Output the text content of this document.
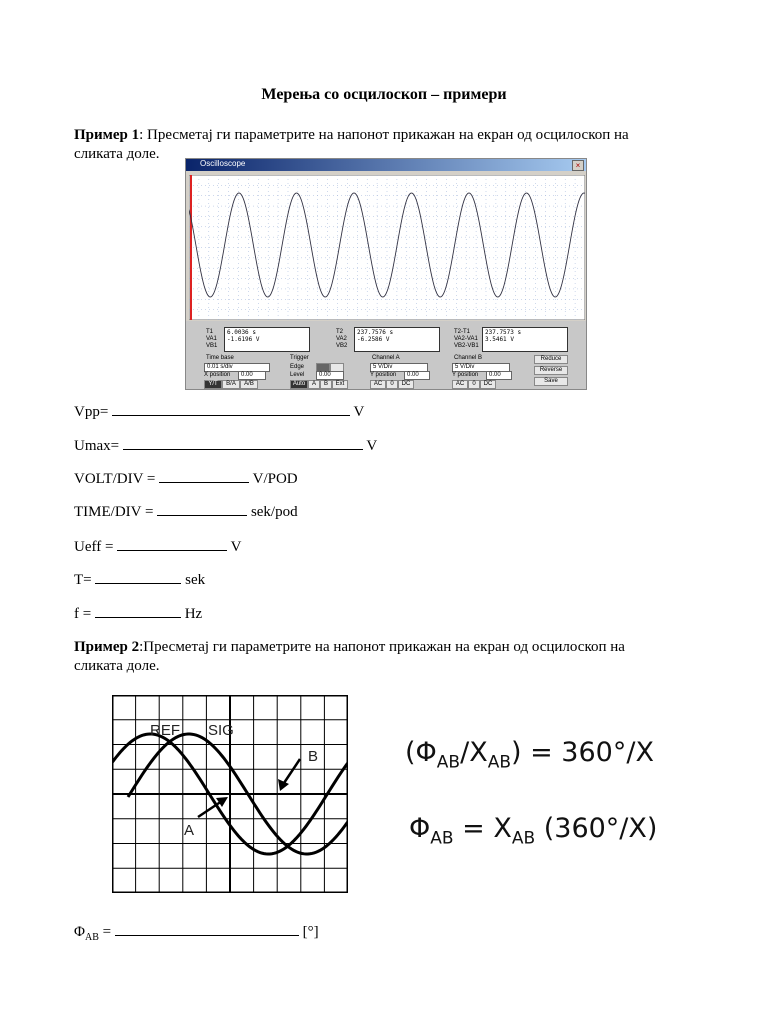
Мерења со осцилоскоп – примери
Пример 1: Пресметај ги параметрите на напонот прикажан на екран од осцилоскоп на сликата доле.
Oscilloscope	×
T1
VA1
VB1
6.0036 s
-1.6196 V
T2
VA2
VB2
237.7576 s
-6.2586 V
T2-T1
VA2-VA1
VB2-VB1
237.7573 s
3.5461 V
Time base
0.01 s/div
X position	0.00
Y/T	B/A	A/B
Trigger
Edge
Level	0.00
Auto	A	B	Ext
Channel A
5 V/Div
Y position	0.00
AC	0	DC
Channel B
5 V/Div
Y position	0.00
AC	0	DC
Reduce
Reverse
Save
Vpp=	V
Umax=	V
VOLT/DIV =	V/POD
TIME/DIV =	sek/pod
Ueff =	V
T=	sek
f =	Hz
Пример 2:Пресметај ги параметрите на напонот прикажан на екран од осцилоскоп на сликата доле.
REF SIG
B
A
$(\Phi_{AB}/X_{AB}) = 360^\circ/X$
$\Phi_{AB} = X_{AB}$ (360°/X)
$\Phi_{AB}$ =	[°]
